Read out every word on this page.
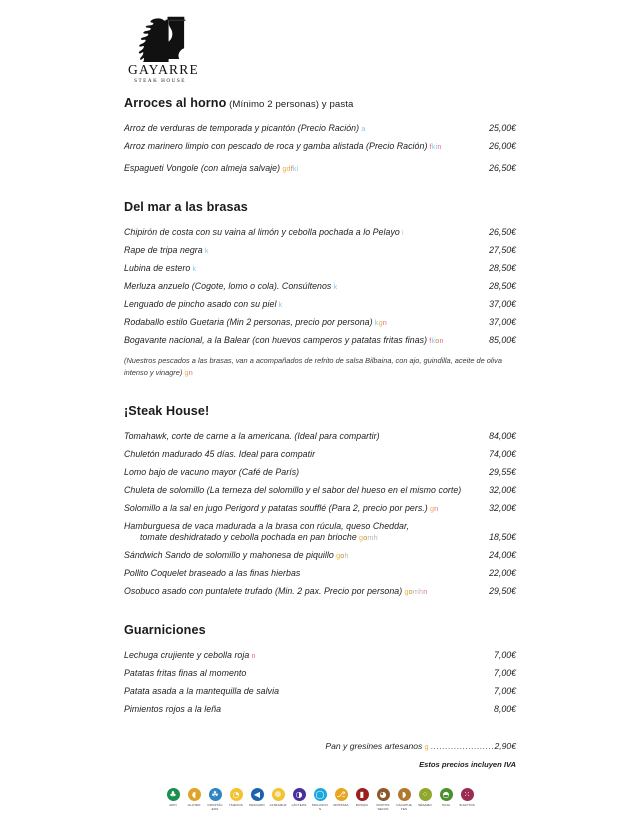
GAYARRE
STEAK HOUSE
Arroces al horno (Mínimo 2 personas) y pasta
Arroz de verduras de temporada y picantón (Precio Ración) a	25,00€
Arroz marinero limpio con pescado de roca y gamba alistada (Precio Ración) fkin	26,00€
Espagueti Vongole (con almeja salvaje) gdfki	26,50€
Del mar a las brasas
Chipirón de costa con su vaina al limón y cebolla pochada a lo Pelayo i	26,50€
Rape de tripa negra k	27,50€
Lubina de estero k	28,50€
Merluza anzuelo (Cogote, lomo o cola). Consúltenos k	28,50€
Lenguado de pincho asado con su piel k	37,00€
Rodaballo estilo Guetaria (Min 2 personas, precio por persona) kgn	37,00€
Bogavante nacional, a la Balear (con huevos camperos y patatas fritas finas) fkon	85,00€
(Nuestros pescados a las brasas, van a acompañados de refrito de salsa Bilbaina, con ajo, guindilla, aceite de oliva intenso y vinagre) gn
¡Steak House!
Tomahawk, corte de carne a la americana. (Ideal para compartir)	84,00€
Chuletón madurado 45 días. Ideal para compatir	74,00€
Lomo bajo de vacuno mayor (Café de París)	29,55€
Chuleta de solomillo (La terneza del solomillo y el sabor del hueso en el mismo corte)	32,00€
Solomillo a la sal en jugo Perigord y patatas soufflé (Para 2, precio por pers.) gn	32,00€
Hamburguesa de vaca madurada a la brasa con rúcula, queso Cheddar,
tomate deshidratado y cebolla pochada en pan brioche gomh	18,50€
Sándwich Sando de solomillo y mahonesa de piquillo goh	24,00€
Pollito Coquelet braseado a las finas hierbas	22,00€
Osobuco asado con puntalete trufado (Min. 2 pax. Precio por persona) gomhn	29,50€
Guarniciones
Lechuga crujiente y cebolla roja n	7,00€
Patatas fritas finas al momento	7,00€
Patata asada a la mantequilla de salvia	7,00€
Pimientos rojos a la leña	8,00€
Pan y gresines artesanos g ......................2,90€
Estos precios incluyen IVA
♣
APIO
◖
GLUTEN
☘
CRUSTÁCEOS
◔
HUEVOS
◀
PESCADO
❁
ALTRAMUZ
◑
LÁCTEOS
◯
MOLUSCOS
⎇
MOSTAZA
▮
ROSQUI
◕
FRUTOS SECOS
◗
CACAHUETES
⁘
SÉSAMO
◓
SOJA
⁙
SULFITOS
